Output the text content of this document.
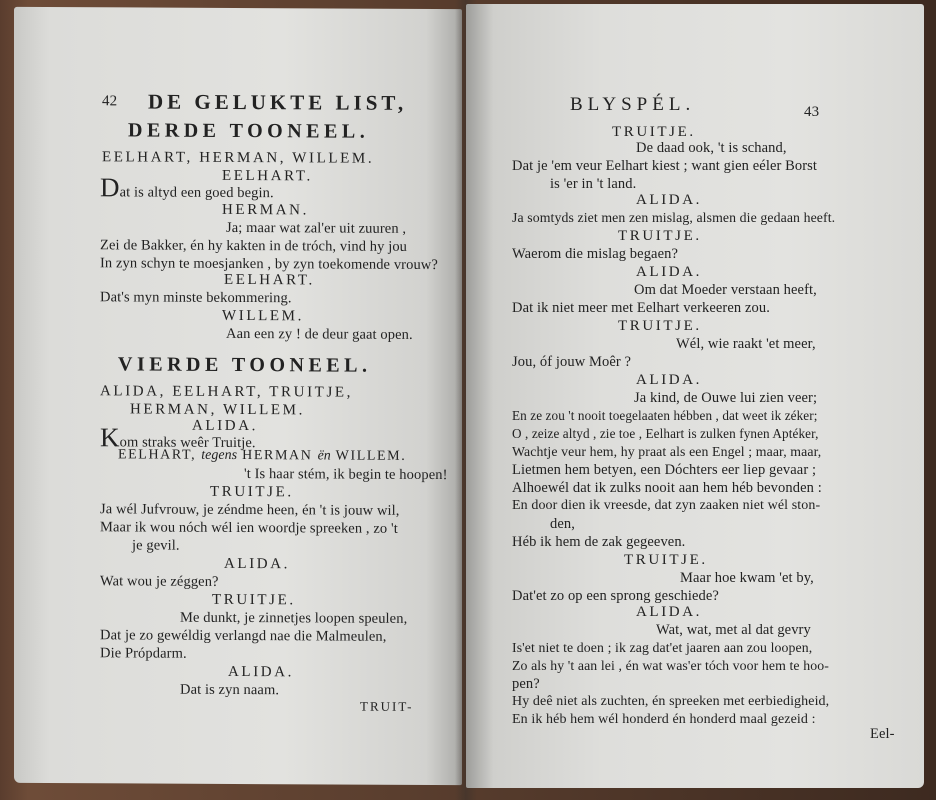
42 DE GELUKTE LIST,
DERDE TOONEEL.
EELHART, HERMAN, WILLEM.
EELHART.
Dat is altyd een goed begin.
HERMAN.
Ja; maar wat zal'er uit zuuren ,
Zei de Bakker, én hy kakten in de tróch, vind hy jou
In zyn schyn te moesjanken , by zyn toekomende vrouw?
EELHART.
Dat's myn minste bekommering.
WILLEM.
Aan een zy ! de deur gaat open.
VIERDE TOONEEL.
ALIDA, EELHART, TRUITJE,
HERMAN, WILLEM.
ALIDA.
Kom straks weêr Truitje.
EELHART, tegens HERMAN ën WILLEM.
't Is haar stém, ik begin te hoopen!
TRUITJE.
Ja wél Jufvrouw, je zéndme heen, én 't is jouw wil,
Maar ik wou nóch wél ien woordje spreeken , zo 't
je gevil.
ALIDA.
Wat wou je zéggen?
TRUITJE.
Me dunkt, je zinnetjes loopen speulen,
Dat je zo gewéldig verlangd nae die Malmeulen,
Die Própdarm.
ALIDA.
Dat is zyn naam.
TRUIT-
BLYSPÉL.	43
TRUITJE.
De daad ook, 't is schand,
Dat je 'em veur Eelhart kiest ; want gien eéler Borst
is 'er in 't land.
ALIDA.
Ja somtyds ziet men zen mislag, alsmen die gedaan heeft.
TRUITJE.
Waerom die mislag begaen?
ALIDA.
Om dat Moeder verstaan heeft,
Dat ik niet meer met Eelhart verkeeren zou.
TRUITJE.
Wél, wie raakt 'et meer,
Jou, óf jouw Moêr ?
ALIDA.
Ja kind, de Ouwe lui zien veer;
En ze zou 't nooit toegelaaten hébben , dat weet ik zéker;
O , zeize altyd , zie toe , Eelhart is zulken fynen Aptéker,
Wachtje veur hem, hy praat als een Engel ; maar, maar,
Lietmen hem betyen, een Dóchters eer liep gevaar ;
Alhoewél dat ik zulks nooit aan hem héb bevonden :
En door dien ik vreesde, dat zyn zaaken niet wél ston-
den,
Héb ik hem de zak gegeeven.
TRUITJE.
Maar hoe kwam 'et by,
Dat'et zo op een sprong geschiede?
ALIDA.
Wat, wat, met al dat gevry
Is'et niet te doen ; ik zag dat'et jaaren aan zou loopen,
Zo als hy 't aan lei , én wat was'er tóch voor hem te hoo-
pen?
Hy deê niet als zuchten, én spreeken met eerbiedigheid,
En ik héb hem wél honderd én honderd maal gezeid :
Eel-
